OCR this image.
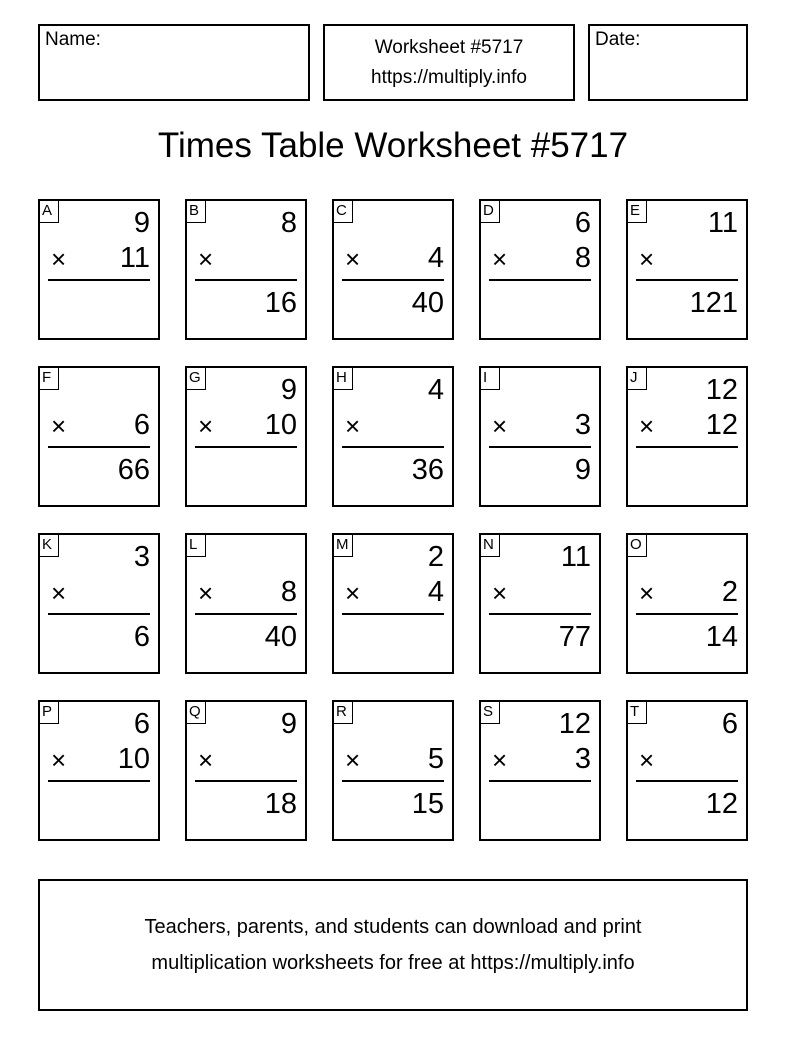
Name:	Worksheet #5717
https://multiply.info
Date:
Times Table Worksheet #5717
A	9
× 11
B	8
×
16
C
× 4
40
D	6
× 8
E 11
×
121
F
× 6
66
G	9
× 10
H	4
×
36
I
× 3
9
J	12
× 12
K	3
×
6
L
× 8
40
M	2
× 4
N 11
×
77
O
× 2
14
P	6
× 10
Q	9
×
18
R
× 5
15
S 12
× 3
T	6
×
12
Teachers, parents, and students can download and print
multiplication worksheets for free at https://multiply.info
